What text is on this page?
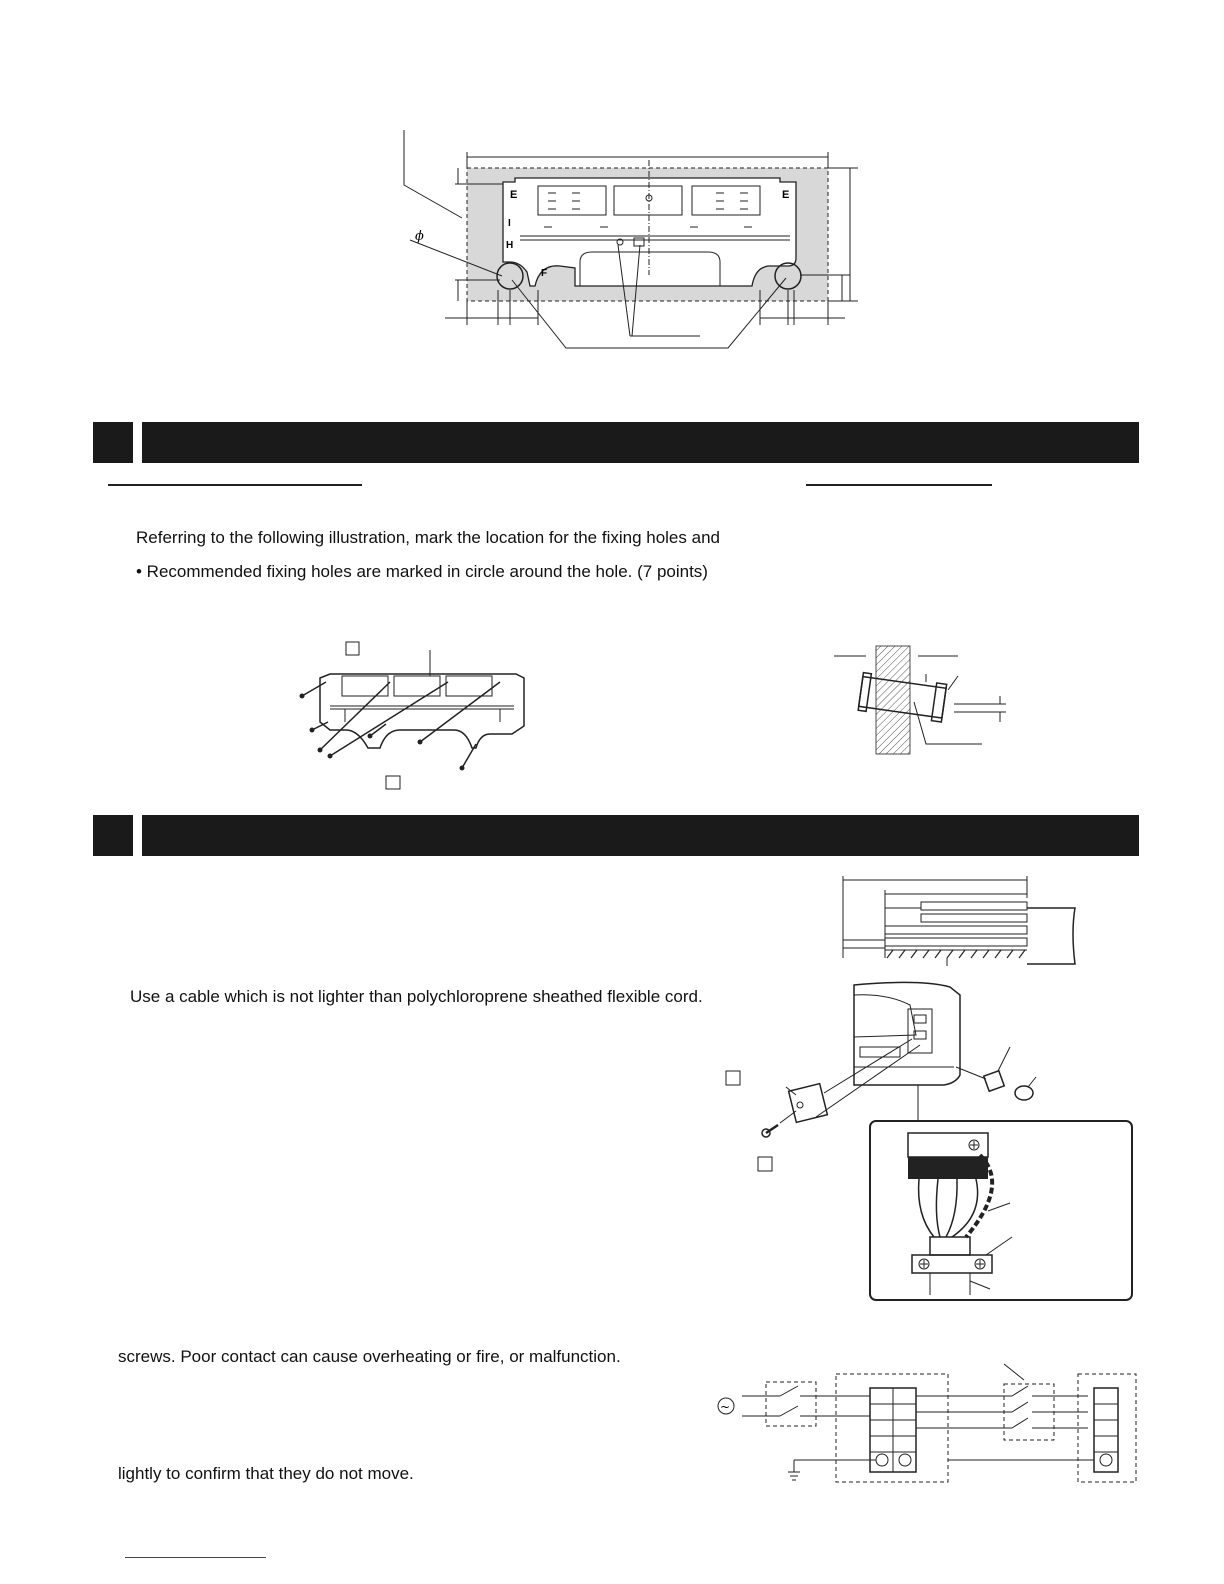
E	E
I
H
F
ϕ
Referring to the following illustration, mark the location for the fixing holes and
• Recommended fixing holes are marked in circle around the hole. (7 points)
Use a cable which is not lighter than polychloroprene sheathed flexible cord.
screws. Poor contact can cause overheating or fire, or malfunction.
~
lightly to confirm that they do not move.
